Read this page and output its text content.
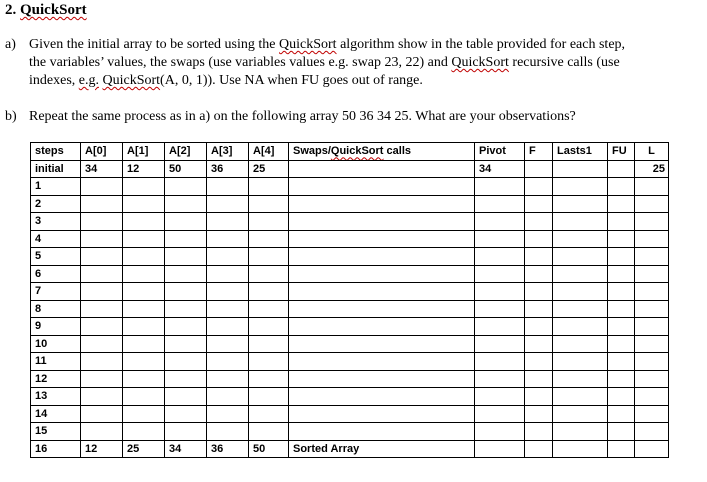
2. QuickSort
a) Given the initial array to be sorted using the QuickSort algorithm show in the table provided for each step,
the variables’ values, the swaps (use variables values e.g. swap 23, 22) and QuickSort recursive calls (use
indexes, e.g. QuickSort(A, 0, 1)). Use NA when FU goes out of range.
b) Repeat the same process as in a) on the following array 50 36 34 25. What are your observations?
steps	A[0]	A[1]	A[2]	A[3]	A[4]	Swaps/QuickSort calls	Pivot	F	Lasts1	FU	L
initial	34	12	50	36	25		34				25
1											
2											
3											
4											
5											
6											
7											
8											
9											
10											
11											
12											
13											
14											
15											
16	12	25	34	36	50	Sorted Array					
